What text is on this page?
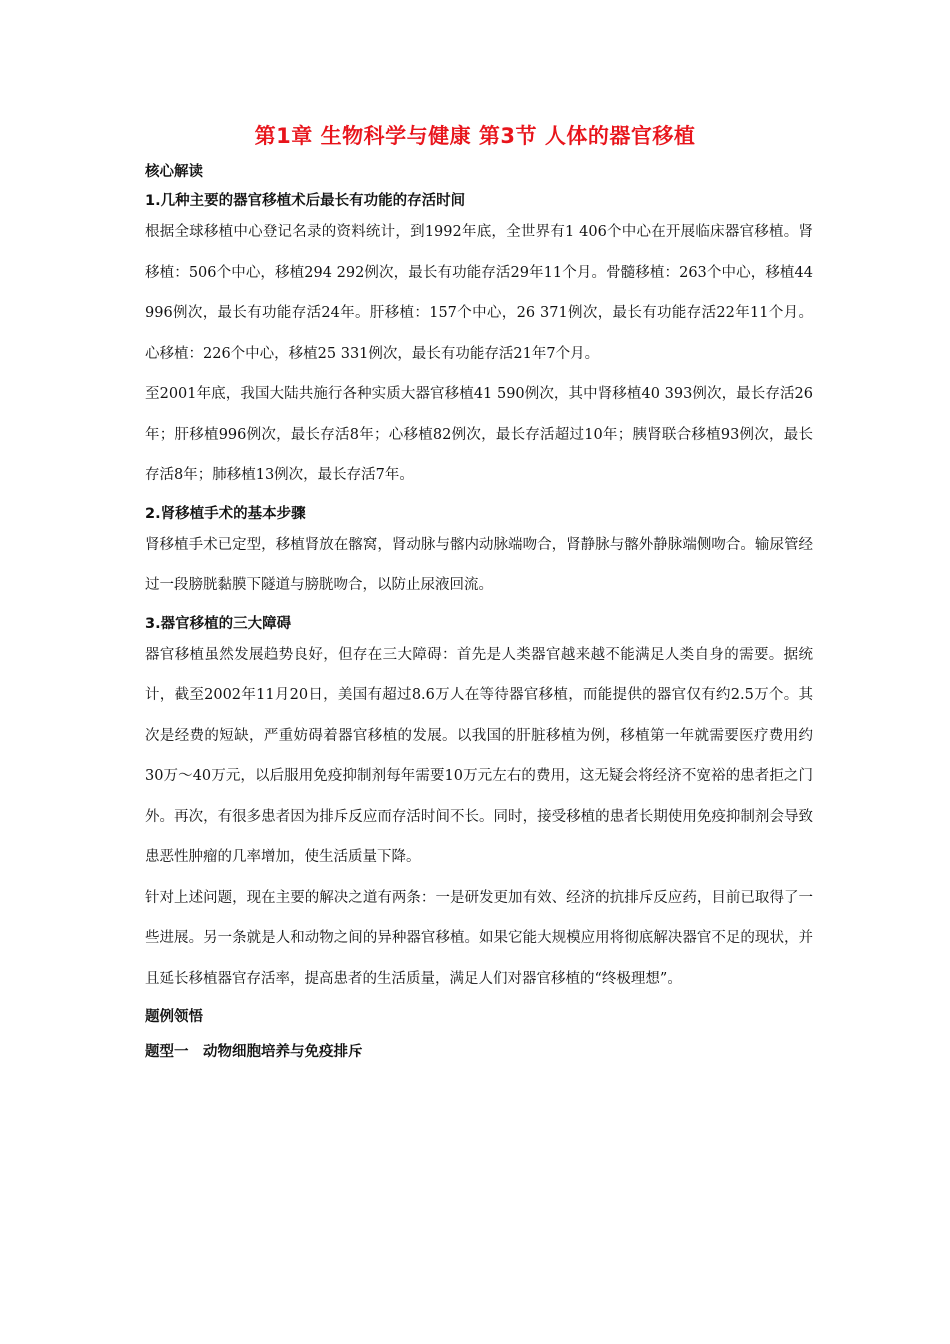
第1章 生物科学与健康 第3节 人体的器官移植
核心解读
1.几种主要的器官移植术后最长有功能的存活时间

根据全球移植中心登记名录的资料统计，到1992年底，全世界有1 406个中心在开展临床器官移植。肾移植：506个中心，移植294 292例次，最长有功能存活29年11个月。骨髓移植：263个中心，移植44 996例次，最长有功能存活24年。肝移植：157个中心，26 371例次，最长有功能存活22年11个月。心移植：226个中心，移植25 331例次，最长有功能存活21年7个月。

至2001年底，我国大陆共施行各种实质大器官移植41 590例次，其中肾移植40 393例次，最长存活26年；肝移植996例次，最长存活8年；心移植82例次，最长存活超过10年；胰肾联合移植93例次，最长存活8年；肺移植13例次，最长存活7年。

2.肾移植手术的基本步骤

肾移植手术已定型，移植肾放在髂窝，肾动脉与髂内动脉端吻合，肾静脉与髂外静脉端侧吻合。输尿管经过一段膀胱黏膜下隧道与膀胱吻合，以防止尿液回流。

3.器官移植的三大障碍

器官移植虽然发展趋势良好，但存在三大障碍：首先是人类器官越来越不能满足人类自身的需要。据统计，截至2002年11月20日，美国有超过8.6万人在等待器官移植，而能提供的器官仅有约2.5万个。其次是经费的短缺，严重妨碍着器官移植的发展。以我国的肝脏移植为例，移植第一年就需要医疗费用约30万～40万元，以后服用免疫抑制剂每年需要10万元左右的费用，这无疑会将经济不宽裕的患者拒之门外。再次，有很多患者因为排斥反应而存活时间不长。同时，接受移植的患者长期使用免疫抑制剂会导致患恶性肿瘤的几率增加，使生活质量下降。

针对上述问题，现在主要的解决之道有两条：一是研发更加有效、经济的抗排斥反应药，目前已取得了一些进展。另一条就是人和动物之间的异种器官移植。如果它能大规模应用将彻底解决器官不足的现状，并且延长移植器官存活率，提高患者的生活质量，满足人们对器官移植的“终极理想”。

题例领悟
题型一　动物细胞培养与免疫排斥
